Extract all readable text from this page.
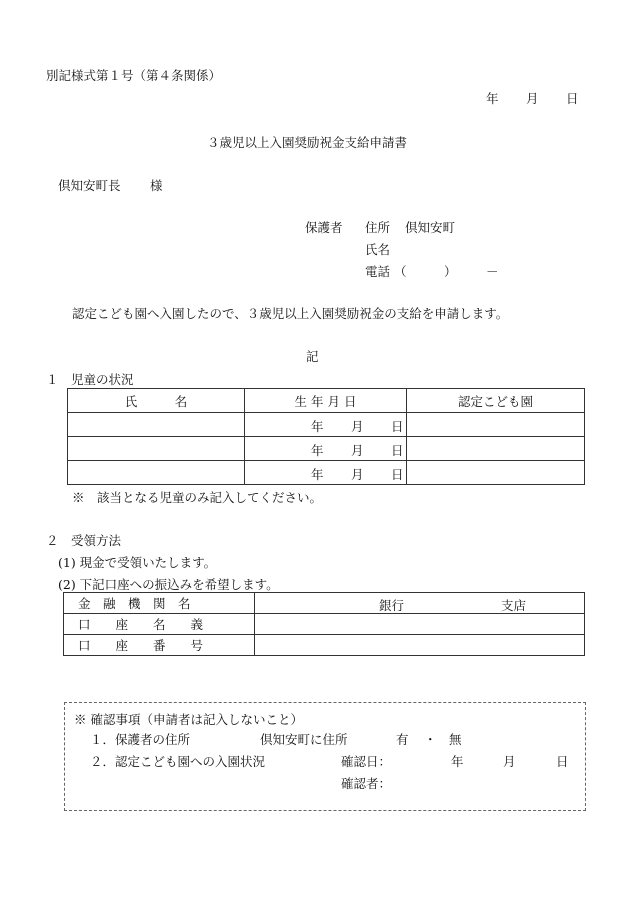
別記様式第１号（第４条関係）
年 月 日
３歳児以上入園奨励祝金支給申請書
倶知安町長 様
保護者 住所 倶知安町
氏名
電話 （	） －
認定こども園へ入園したので、３歳児以上入園奨励祝金の支給を申請します。
記
１　児童の状況
氏　　　名	生 年 月 日	認定こども園

	年 月 日	

	年 月 日	

	年 月 日	

※　該当となる児童のみ記入してください。
２　受領方法
(1) 現金で受領いたします。
(2) 下記口座への振込みを希望します。
金　融　機　関　名	銀行 支店

口　　座　　名　　義	
口　　座　　番　　号	
※ 確認事項（申請者は記入しないこと）
１．保護者の住所	倶知安町に住所	有 ・ 無
２．認定こども園への入園状況	確認日：	年	月	日
確認者：
